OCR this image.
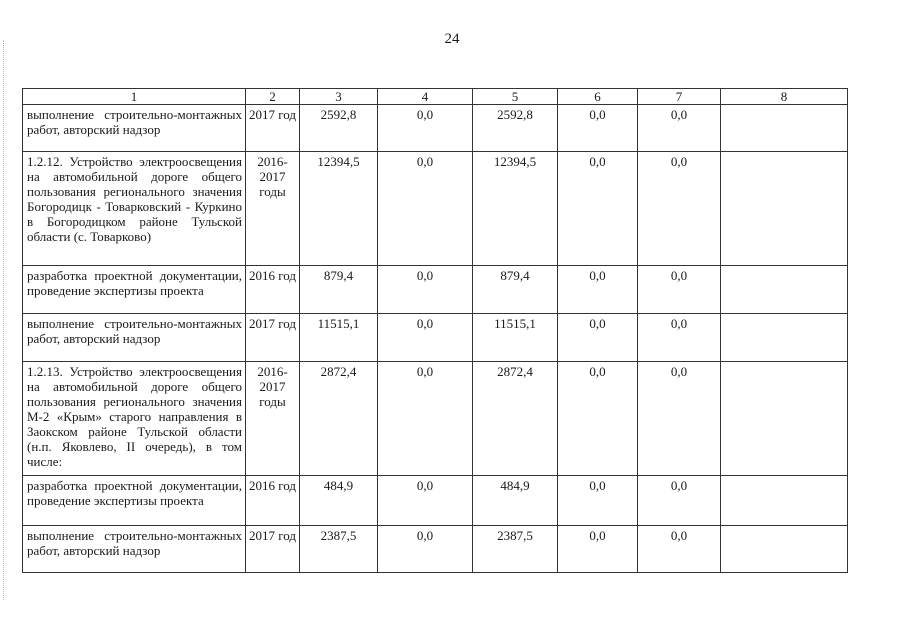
24
1	2	3	4	5	6	7	8
выполнение строительно-монтажных работ, авторский надзор	2017 год	2592,8	0,0	2592,8	0,0	0,0	
1.2.12. Устройство электроосвещения на автомобильной дороге общего пользования регионального значения Богородицк - Товарковский - Куркино в Богородицком районе Тульской области (с. Товарково)	2016-2017 годы	12394,5	0,0	12394,5	0,0	0,0	
разработка проектной документации, проведение экспертизы проекта	2016 год	879,4	0,0	879,4	0,0	0,0	
выполнение строительно-монтажных работ, авторский надзор	2017 год	11515,1	0,0	11515,1	0,0	0,0	
1.2.13. Устройство электроосвещения на автомобильной дороге общего пользования регионального значения М-2 «Крым» старого направления в Заокском районе Тульской области (н.п. Яковлево, II очередь), в том числе:	2016-2017 годы	2872,4	0,0	2872,4	0,0	0,0	
разработка проектной документации, проведение экспертизы проекта	2016 год	484,9	0,0	484,9	0,0	0,0	
выполнение строительно-монтажных работ, авторский надзор	2017 год	2387,5	0,0	2387,5	0,0	0,0	
